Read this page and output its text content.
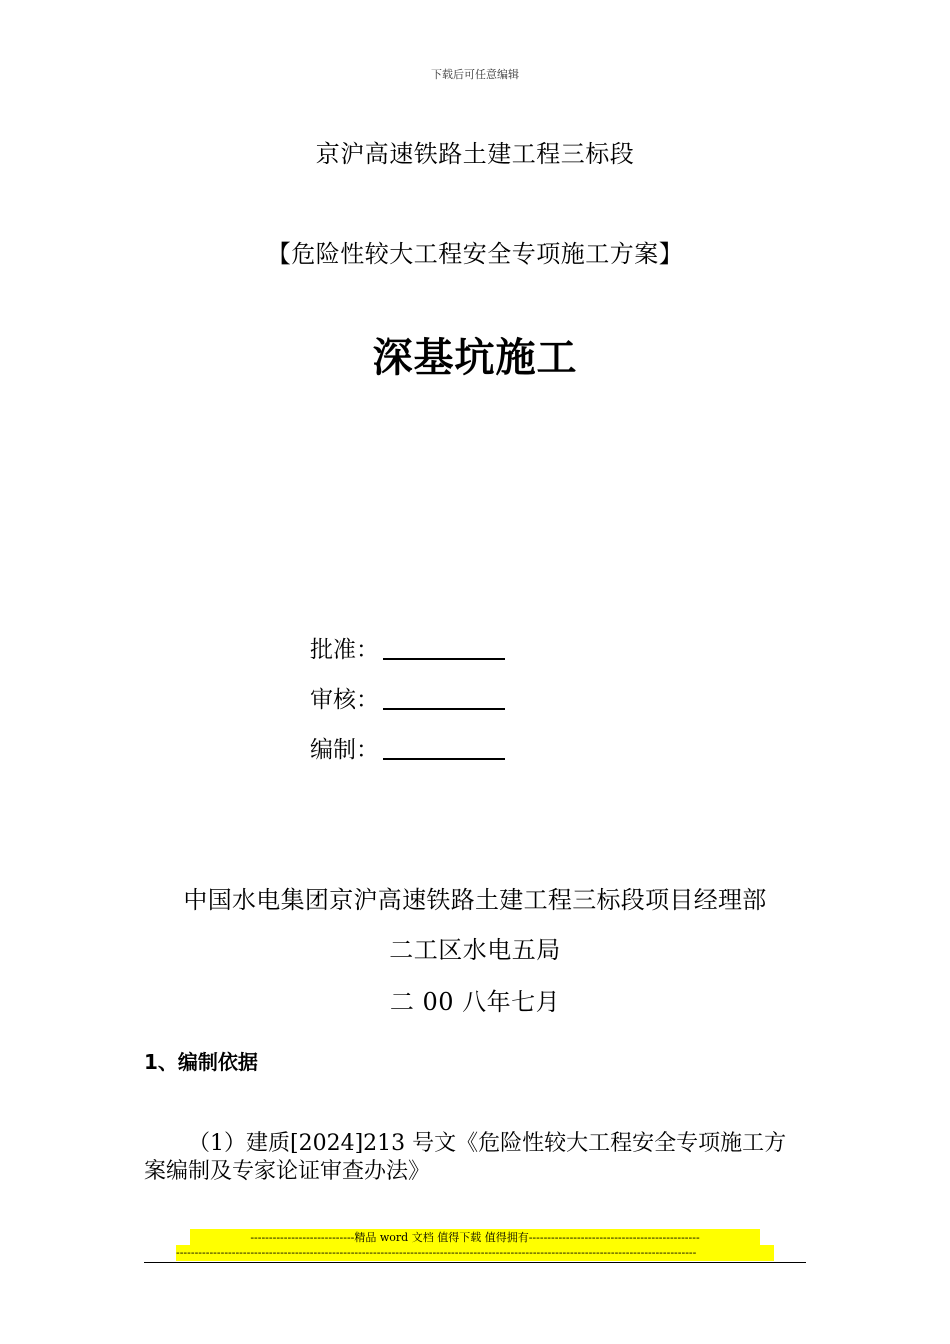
下载后可任意编辑
京沪高速铁路土建工程三标段
【危险性较大工程安全专项施工方案】
深基坑施工
批准：
审核：
编制：
中国水电集团京沪高速铁路土建工程三标段项目经理部
二工区水电五局
二 00 八年七月
1、编制依据
（1）建质[2024]213 号文《危险性较大工程安全专项施工方案编制及专家论证审查办法》
----------------------------精品 word 文档 值得下载 值得拥有----------------------------------------------
--------------------------------------------------------------------------------------------------------------------------------------------
